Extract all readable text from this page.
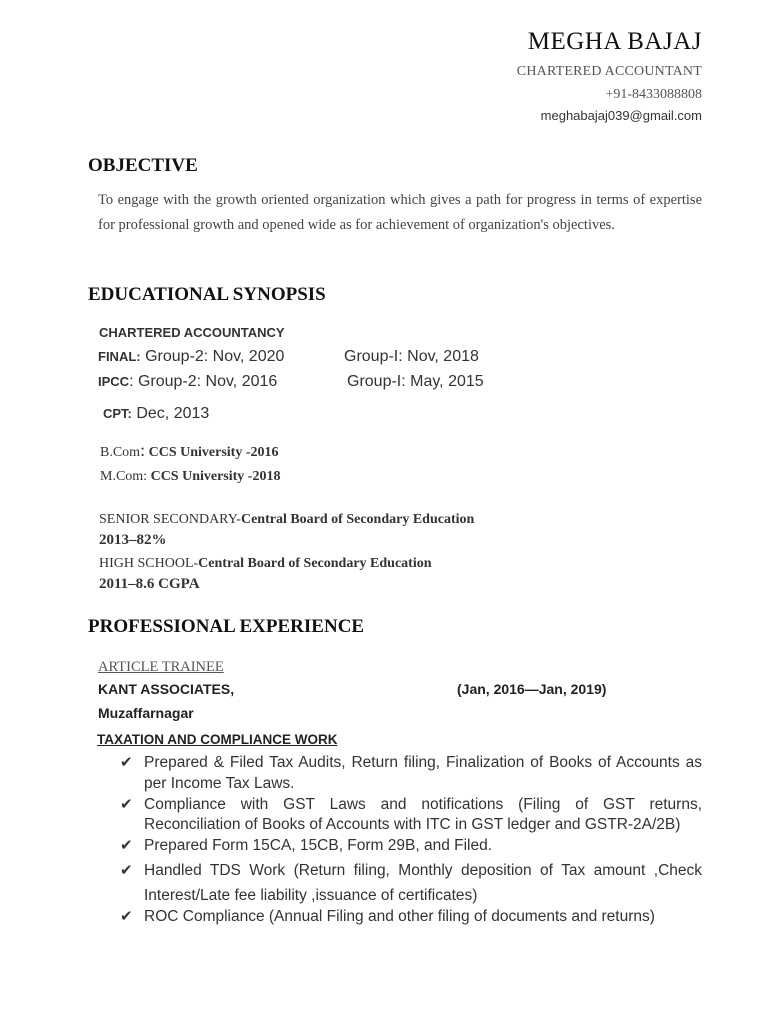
MEGHA BAJAJ
CHARTERED ACCOUNTANT
+91-8433088808
meghabajaj039@gmail.com
OBJECTIVE
To engage with the growth oriented organization which gives a path for progress in terms of expertise for professional growth and opened wide as for achievement of organization's objectives.
EDUCATIONAL SYNOPSIS
CHARTERED ACCOUNTANCY
FINAL: Group-2: Nov, 2020	Group-I: Nov, 2018
IPCC: Group-2: Nov, 2016	Group-I: May, 2015
CPT: Dec, 2013
B.Com: CCS University -2016
M.Com: CCS University -2018
SENIOR SECONDARY-Central Board of Secondary Education
2013–82%
HIGH SCHOOL-Central Board of Secondary Education
2011–8.6 CGPA
PROFESSIONAL EXPERIENCE
ARTICLE TRAINEE
KANT ASSOCIATES,	(Jan, 2016—Jan, 2019)
Muzaffarnagar
TAXATION AND COMPLIANCE WORK
✔ Prepared & Filed Tax Audits, Return filing, Finalization of Books of Accounts as per Income Tax Laws.
✔ Compliance with GST Laws and notifications (Filing of GST returns, Reconciliation of Books of Accounts with ITC in GST ledger and GSTR-2A/2B)
✔ Prepared Form 15CA, 15CB, Form 29B, and Filed.
✔ Handled TDS Work (Return filing, Monthly deposition of Tax amount ,Check Interest/Late fee liability ,issuance of certificates)
✔ ROC Compliance (Annual Filing and other filing of documents and returns)
